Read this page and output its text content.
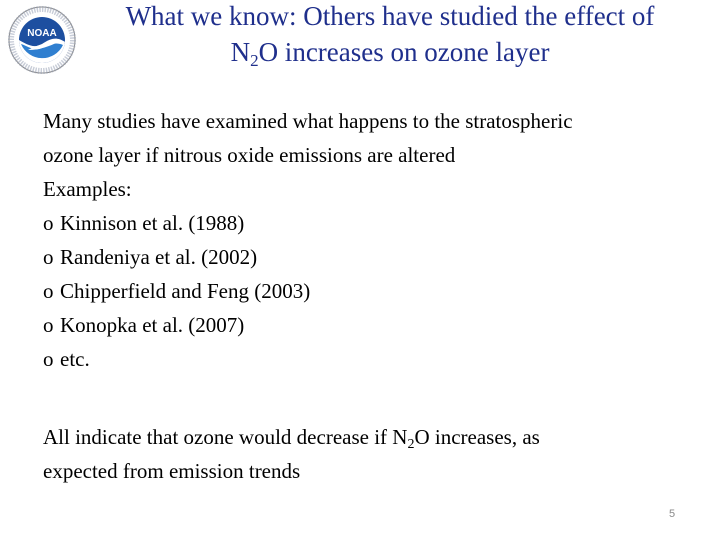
NOAA
What we know: Others have studied the effect of
$N_2O$ increases on ozone layer
Many studies have examined what happens to the stratospheric
ozone layer if nitrous oxide emissions are altered
Examples:
o Kinnison et al. (1988)
o Randeniya et al. (2002)
o Chipperfield and Feng (2003)
o Konopka et al. (2007)
o etc.
All indicate that ozone would decrease if $N_2O$ increases, as
expected from emission trends
5
